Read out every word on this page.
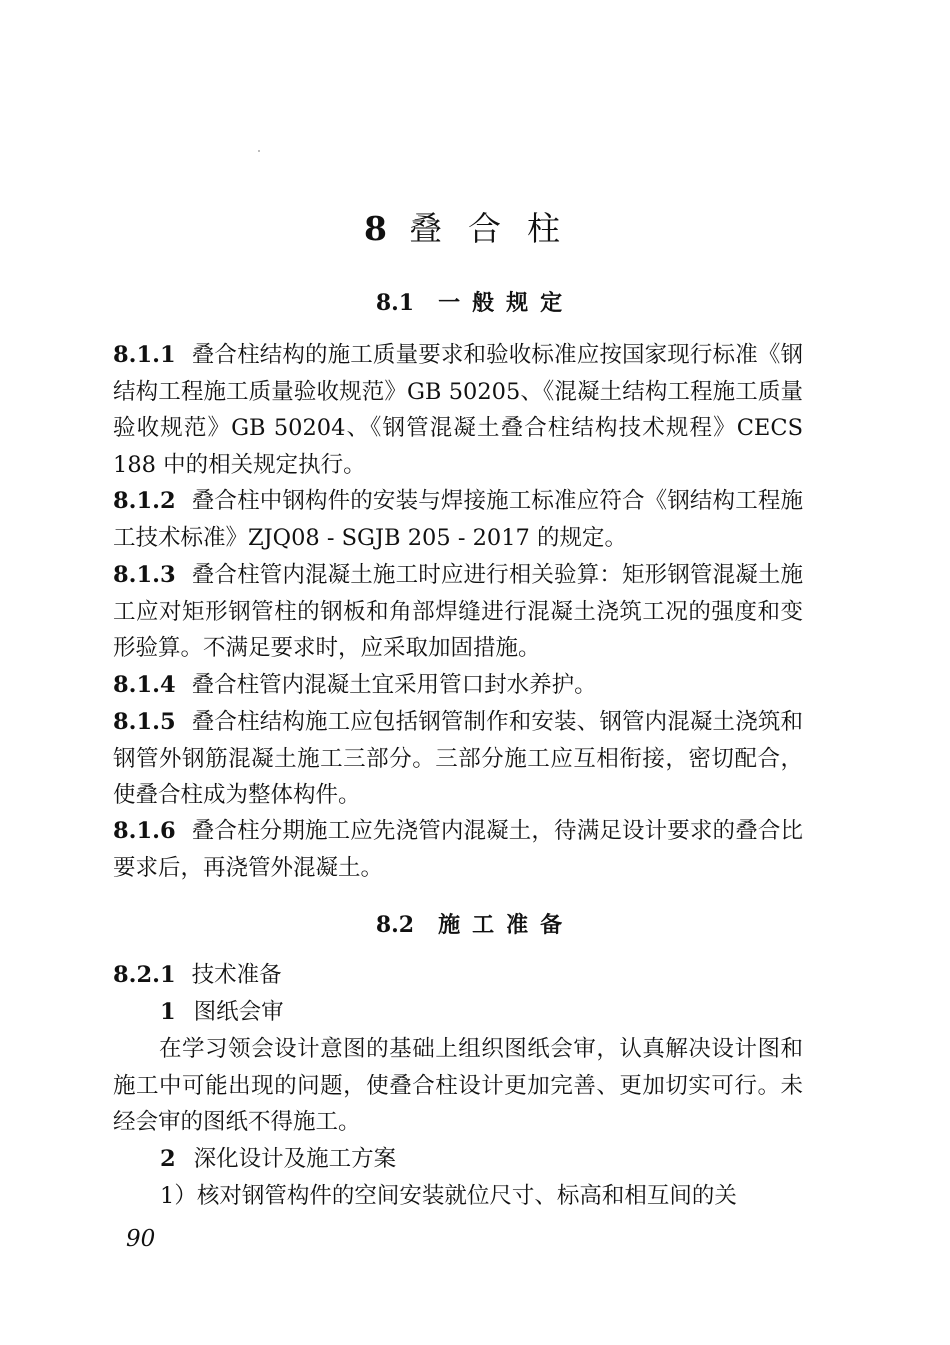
8 叠合柱
8.1 一般规定
8.1.1 叠合柱结构的施工质量要求和验收标准应按国家现行标准《钢结构工程施工质量验收规范》GB 50205、《混凝土结构工程施工质量验收规范》GB 50204、《钢管混凝土叠合柱结构技术规程》CECS 188 中的相关规定执行。
8.1.2 叠合柱中钢构件的安装与焊接施工标准应符合《钢结构工程施工技术标准》ZJQ08 - SGJB 205 - 2017 的规定。
8.1.3 叠合柱管内混凝土施工时应进行相关验算：矩形钢管混凝土施工应对矩形钢管柱的钢板和角部焊缝进行混凝土浇筑工况的强度和变形验算。不满足要求时，应采取加固措施。
8.1.4 叠合柱管内混凝土宜采用管口封水养护。
8.1.5 叠合柱结构施工应包括钢管制作和安装、钢管内混凝土浇筑和钢管外钢筋混凝土施工三部分。三部分施工应互相衔接，密切配合，使叠合柱成为整体构件。
8.1.6 叠合柱分期施工应先浇管内混凝土，待满足设计要求的叠合比要求后，再浇管外混凝土。
8.2 施工准备
8.2.1 技术准备
1 图纸会审
在学习领会设计意图的基础上组织图纸会审，认真解决设计图和施工中可能出现的问题，使叠合柱设计更加完善、更加切实可行。未经会审的图纸不得施工。
2 深化设计及施工方案
1）核对钢管构件的空间安装就位尺寸、标高和相互间的关
90
